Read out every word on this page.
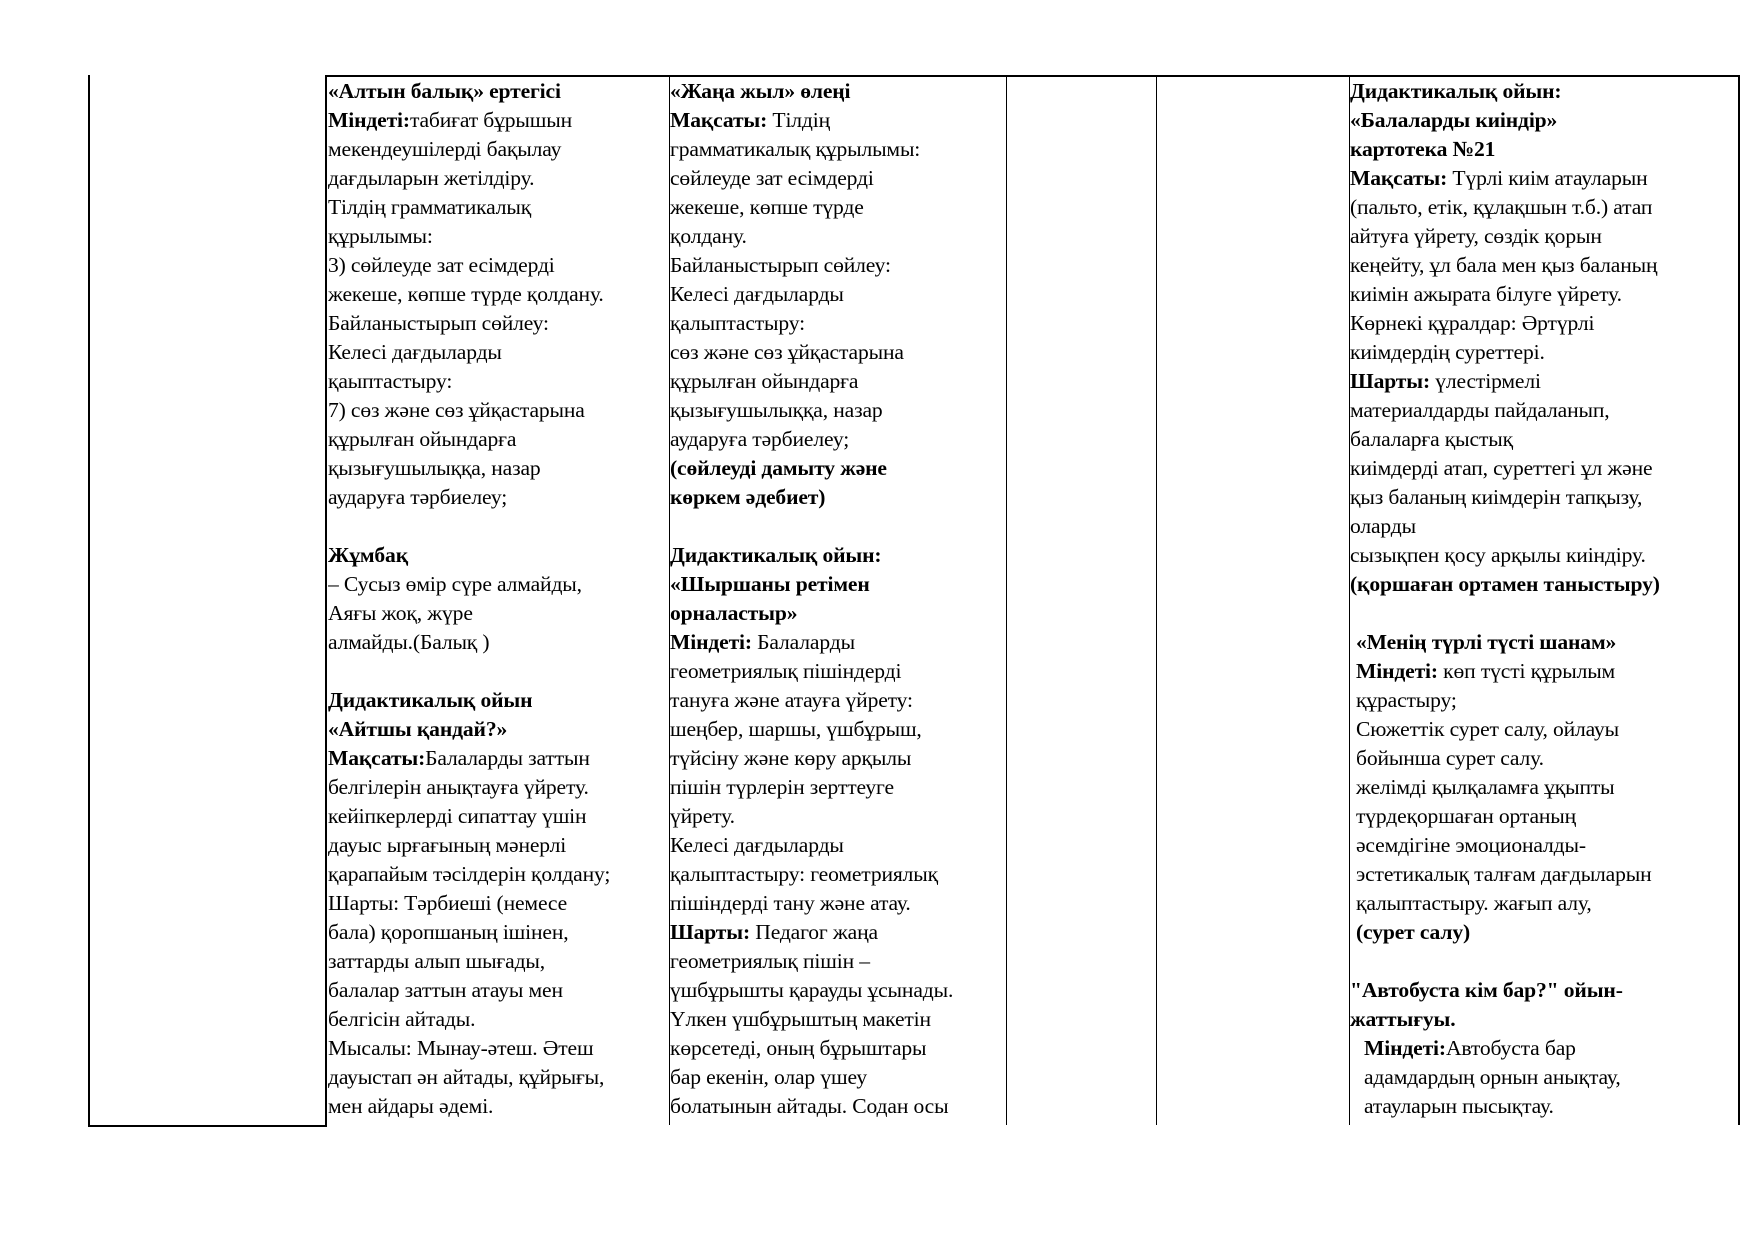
«Алтын балық» ертегісі
Міндеті:табиғат бұрышын
мекендеушілерді бақылау
дағдыларын жетілдіру.
Тілдің грамматикалық
құрылымы:
3) сөйлеуде зат есімдерді
жекеше, көпше түрде қолдану.
Байланыстырып сөйлеу:
Келесі дағдыларды
қаыптастыру:
7) сөз және сөз ұйқастарына
құрылған ойындарға
қызығушылыққа, назар
аударуға тәрбиелеу;
Жұмбақ
– Сусыз өмір сүре алмайды,
Аяғы жоқ, жүре
алмайды.(Балық )
Дидактикалық ойын
«Айтшы қандай?»
Мақсаты:Балаларды заттын
белгілерін анықтауға үйрету.
кейіпкерлерді сипаттау үшін
дауыс ырғағының мәнерлі
қарапайым тәсілдерін қолдану;
Шарты: Тәрбиеші (немесе
бала) қоропшаның ішінен,
заттарды алып шығады,
балалар заттын атауы мен
белгісін айтады.
Мысалы: Мынау-әтеш. Әтеш
дауыстап ән айтады, құйрығы,
мен айдары әдемі.
«Жаңа жыл» өлеңі
Мақсаты: Тілдің
грамматикалық құрылымы:
сөйлеуде зат есімдерді
жекеше, көпше түрде
қолдану.
Байланыстырып сөйлеу:
Келесі дағдыларды
қалыптастыру:
сөз және сөз ұйқастарына
құрылған ойындарға
қызығушылыққа, назар
аударуға тәрбиелеу;
(сөйлеуді дамыту және
көркем әдебиет)
Дидактикалық ойын:
«Шыршаны ретімен
орналастыр»
Міндеті: Балаларды
геометриялық пішіндерді
тануға және атауға үйрету:
шеңбер, шаршы, үшбұрыш,
түйсіну және көру арқылы
пішін түрлерін зерттеуге
үйрету.
Келесі дағдыларды
қалыптастыру: геометриялық
пішіндерді тану және атау.
Шарты: Педагог жаңа
геометриялық пішін –
үшбұрышты қарауды ұсынады.
Үлкен үшбұрыштың макетін
көрсетеді, оның бұрыштары
бар екенін, олар үшеу
болатынын айтады. Содан осы
Дидактикалық ойын:
«Балаларды киіндір»
картотека №21
Мақсаты: Түрлі киім атауларын
(пальто, етік, құлақшын т.б.) атап
айтуға үйрету, сөздік қорын
кеңейту, ұл бала мен қыз баланың
киімін ажырата білуге үйрету.
Көрнекі құралдар: Әртүрлі
киімдердің суреттері.
Шарты: үлестірмелі
материалдарды пайдаланып,
балаларға қыстық
киімдерді атап, суреттегі ұл және
қыз баланың киімдерін тапқызу,
оларды
сызықпен қосу арқылы киіндіру.
(қоршаған ортамен таныстыру)
«Менің түрлі түсті шанам»
Міндеті: көп түсті құрылым
құрастыру;
Сюжеттік сурет салу, ойлауы
бойынша сурет салу.
желімді қылқаламға ұқыпты
түрдеқоршаған ортаның
әсемдігіне эмоционалды-
эстетикалық талғам дағдыларын
қалыптастыру. жағып алу,
(сурет салу)
"Автобуста кім бар?" ойын-
жаттығуы.
Міндеті:Автобуста бар
адамдардың орнын анықтау,
атауларын пысықтау.
